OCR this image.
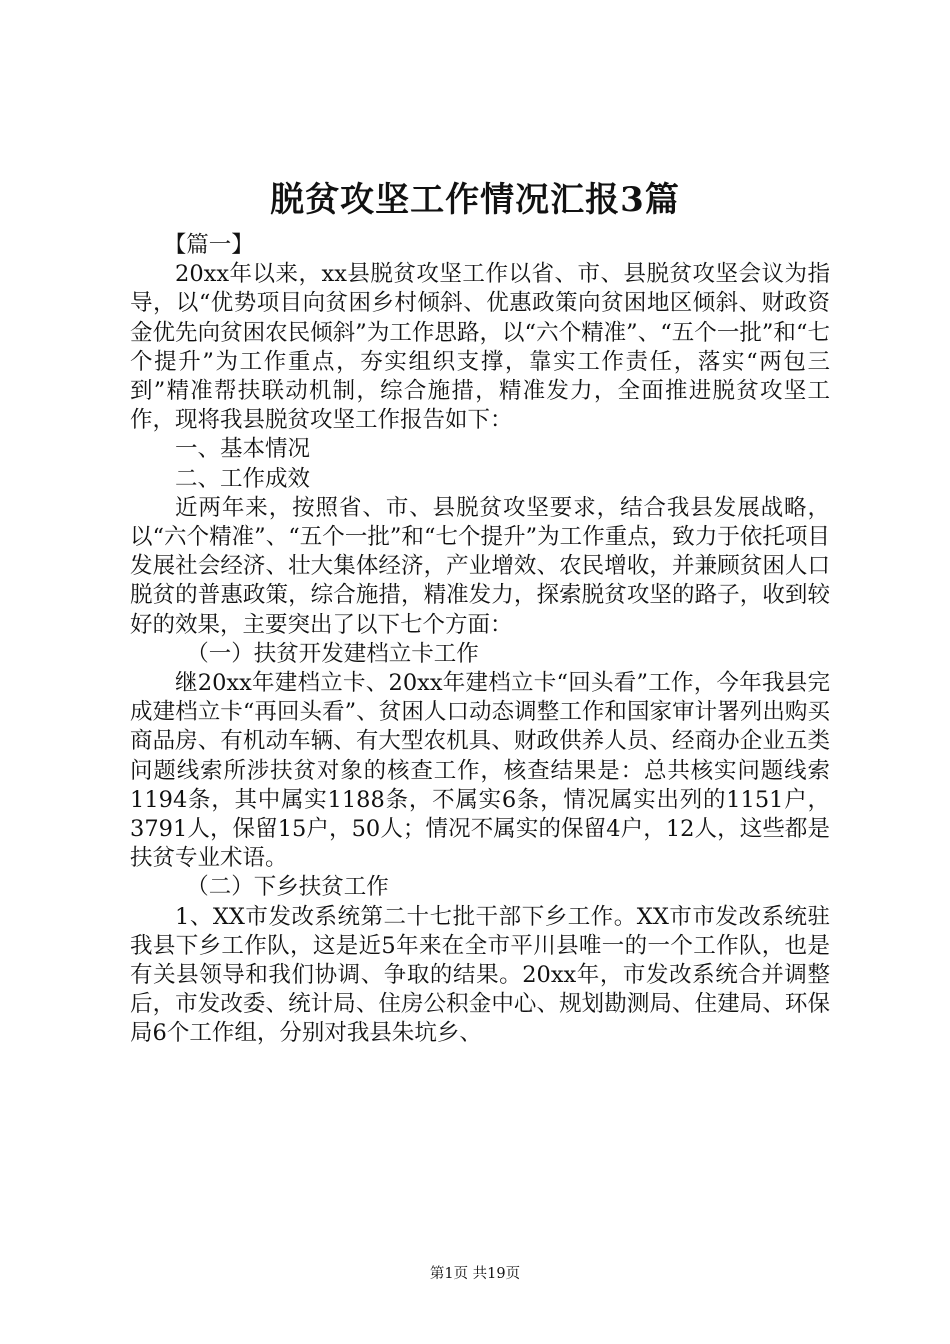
脱贫攻坚工作情况汇报3篇

【篇一】

20xx年以来，xx县脱贫攻坚工作以省、市、县脱贫攻坚会议为指导，以“优势项目向贫困乡村倾斜、优惠政策向贫困地区倾斜、财政资金优先向贫困农民倾斜”为工作思路，以“六个精准”、“五个一批”和“七个提升”为工作重点，夯实组织支撑，靠实工作责任，落实“两包三到”精准帮扶联动机制，综合施措，精准发力，全面推进脱贫攻坚工作，现将我县脱贫攻坚工作报告如下：

一、基本情况

二、工作成效

近两年来，按照省、市、县脱贫攻坚要求，结合我县发展战略，以“六个精准”、“五个一批”和“七个提升”为工作重点，致力于依托项目发展社会经济、壮大集体经济，产业增效、农民增收，并兼顾贫困人口脱贫的普惠政策，综合施措，精准发力，探索脱贫攻坚的路子，收到较好的效果，主要突出了以下七个方面：

（一）扶贫开发建档立卡工作

继20xx年建档立卡、20xx年建档立卡“回头看”工作，今年我县完成建档立卡“再回头看”、贫困人口动态调整工作和国家审计署列出购买商品房、有机动车辆、有大型农机具、财政供养人员、经商办企业五类问题线索所涉扶贫对象的核查工作，核查结果是：总共核实问题线索1194条，其中属实1188条，不属实6条，情况属实出列的1151户，3791人，保留15户，50人；情况不属实的保留4户，12人，这些都是扶贫专业术语。

（二）下乡扶贫工作

1、XX市发改系统第二十七批干部下乡工作。XX市市发改系统驻我县下乡工作队，这是近5年来在全市平川县唯一的一个工作队，也是有关县领导和我们协调、争取的结果。20xx年，市发改系统合并调整后，市发改委、统计局、住房公积金中心、规划勘测局、住建局、环保局6个工作组，分别对我县朱坑乡、

第1页 共19页
